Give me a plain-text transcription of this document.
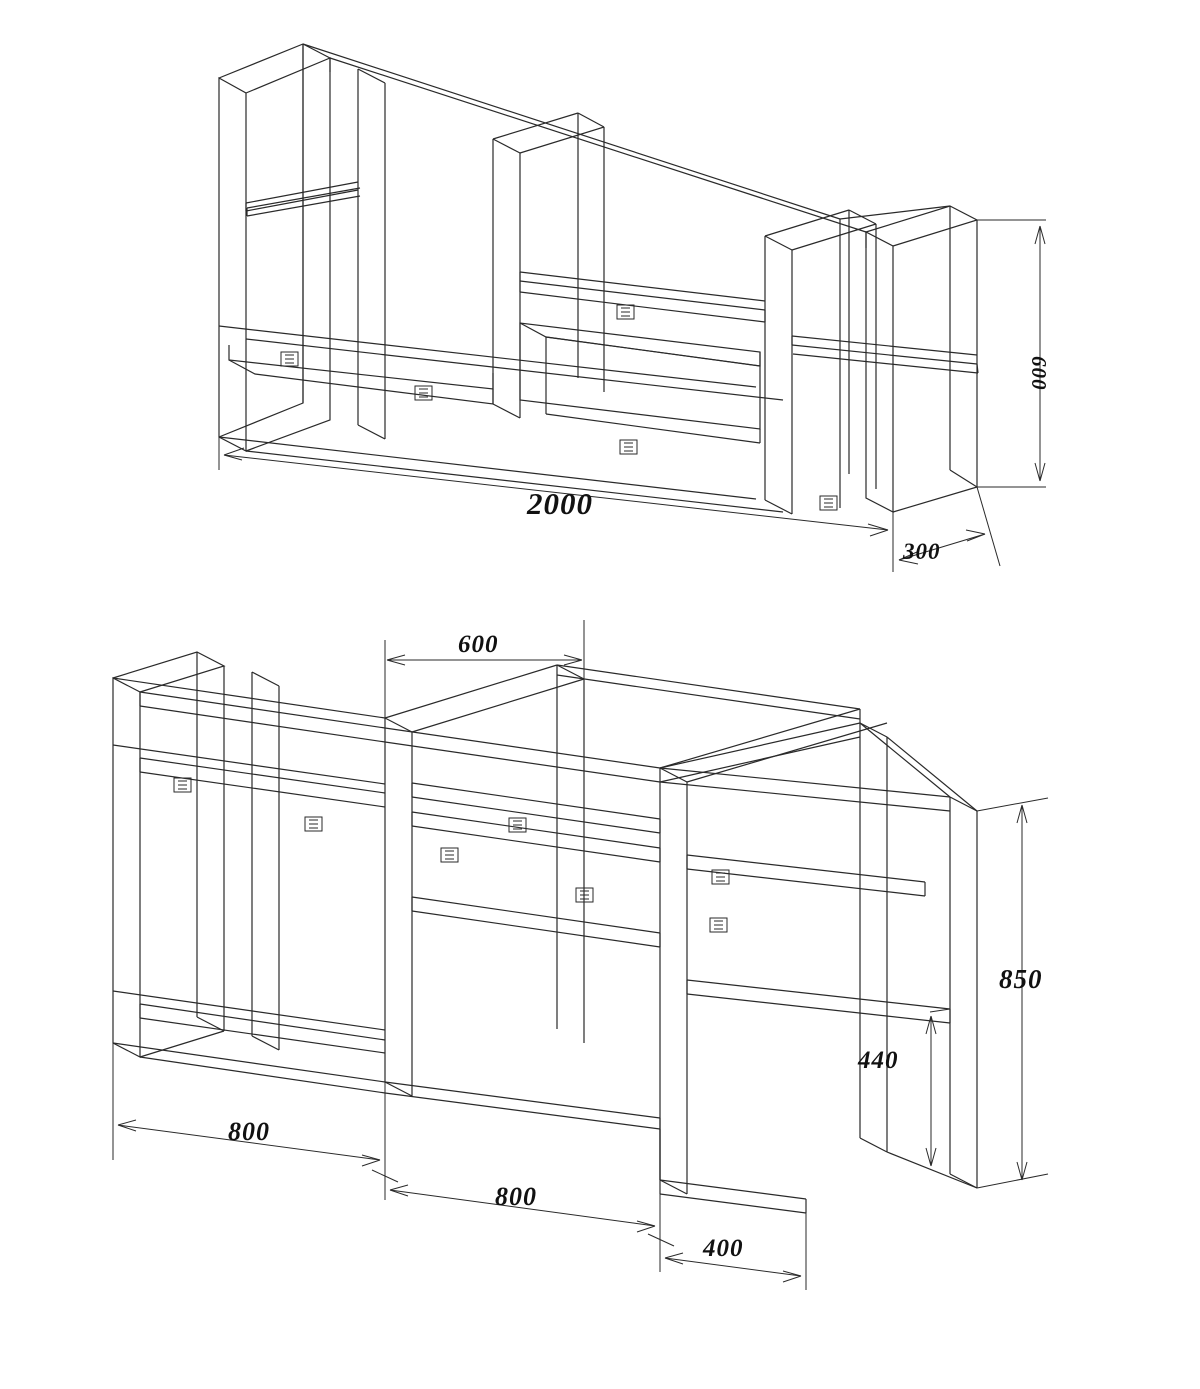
2000
600
300
600
850
440
800
800
400
